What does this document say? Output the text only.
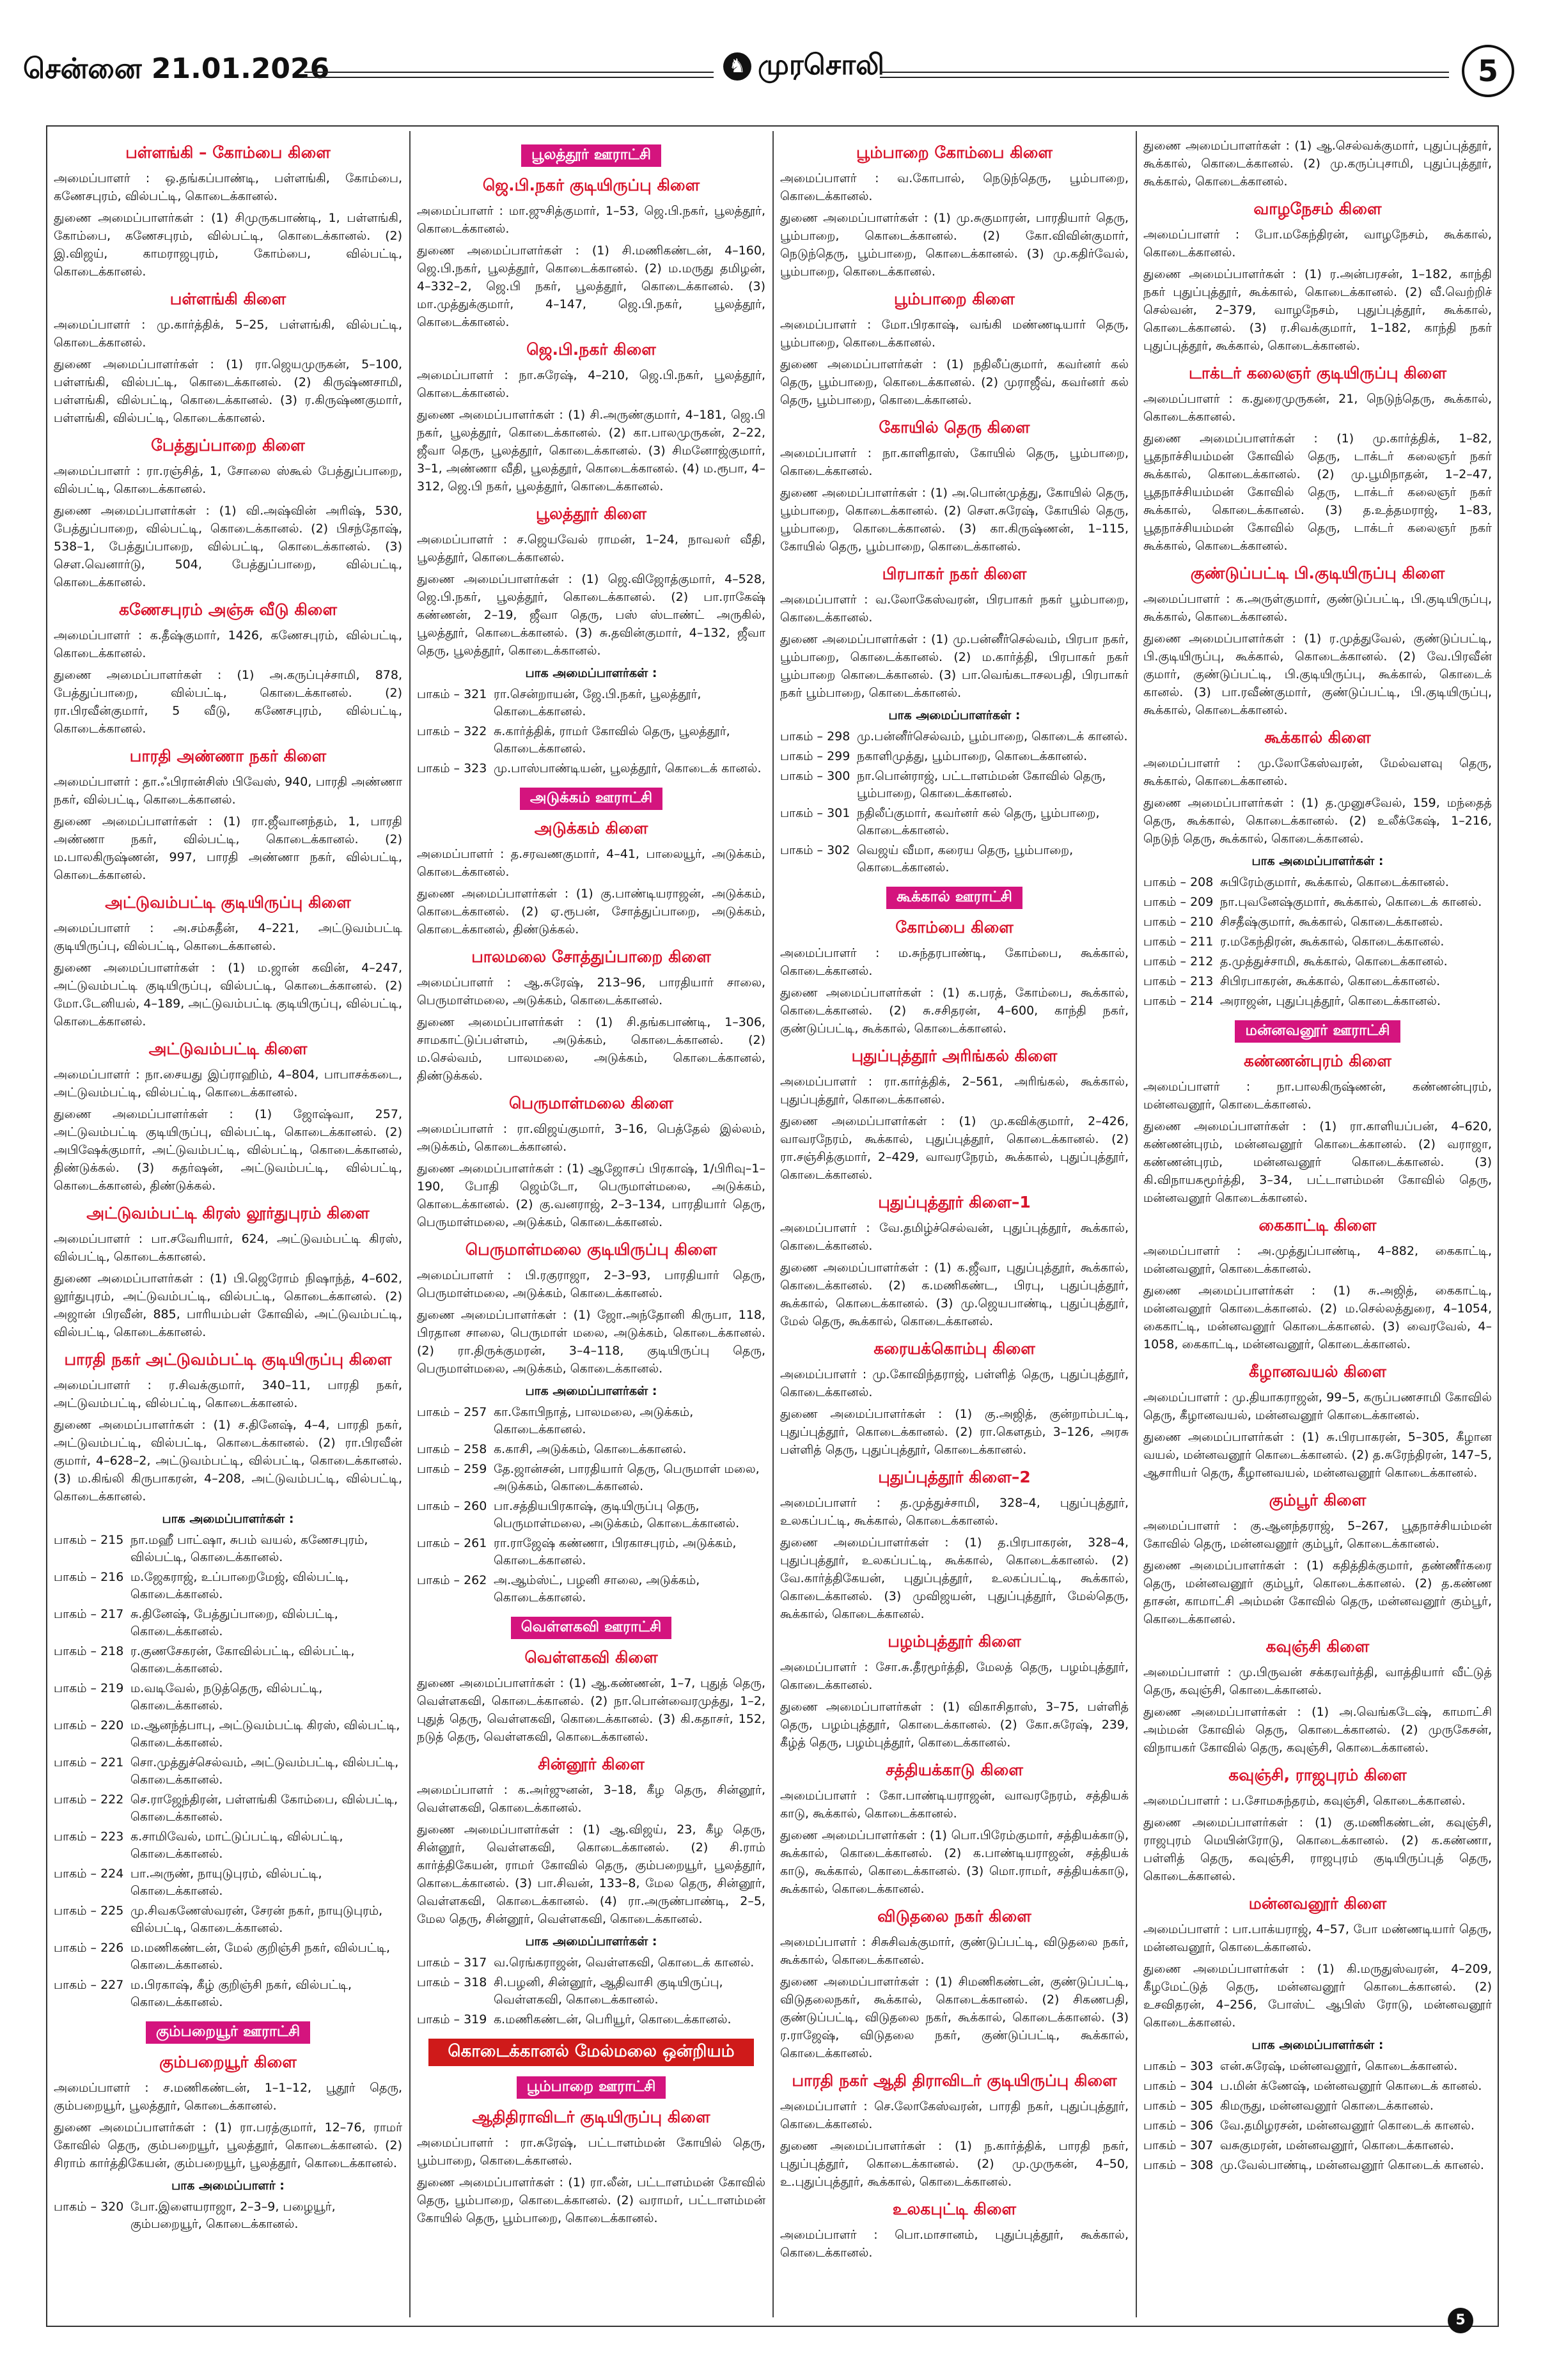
சென்னை 21.01.2026	♞ முரசொலி	5
பள்ளங்கி – கோம்பை கிளை
அமைப்பாளர் : ஒ.தங்கப்பாண்டி, பள்ளங்கி, கோம்பை, கணேசபுரம், வில்பட்டி, கொடைக்கானல்.
துணை அமைப்பாளர்கள் : (1) சிமுருகபாண்டி, 1, பள்ளங்கி, கோம்பை, கணேசபுரம், வில்பட்டி, கொடைக்கானல். (2) இ.விஜய், காமராஜபுரம், கோம்பை, வில்பட்டி, கொடைக்கானல்.
பள்ளங்கி கிளை
அமைப்பாளர் : மு.கார்த்திக், 5–25, பள்ளங்கி, வில்பட்டி, கொடைக்கானல்.
துணை அமைப்பாளர்கள் : (1) ரா.ஜெயமுருகன், 5–100, பள்ளங்கி, வில்பட்டி, கொடைக்கானல். (2) கிருஷ்ணசாமி, பள்ளங்கி, வில்பட்டி, கொடைக்கானல். (3) ர.கிருஷ்ணகுமார், பள்ளங்கி, வில்பட்டி, கொடைக்கானல்.
பேத்துப்பாறை கிளை
அமைப்பாளர் : ரா.ரஞ்சித், 1, சோலை ஸ்கூல் பேத்துப்பாறை, வில்பட்டி, கொடைக்கானல்.
துணை அமைப்பாளர்கள் : (1) வி.அஷ்வின் அரிஷ், 530, பேத்துப்பாறை, வில்பட்டி, கொடைக்கானல். (2) பிசந்தோஷ், 538–1, பேத்துப்பாறை, வில்பட்டி, கொடைக்கானல். (3) செள.வெனார்டு, 504, பேத்துப்பாறை, வில்பட்டி, கொடைக்கானல்.
கணேசபுரம் அஞ்சு வீடு கிளை
அமைப்பாளர் : க.தீஷ்குமார், 1426, கணேசபுரம், வில்பட்டி, கொடைக்கானல்.
துணை அமைப்பாளர்கள் : (1) அ.கருப்புச்சாமி, 878, பேத்துப்பாறை, வில்பட்டி, கொடைக்கானல். (2) ரா.பிரவீன்குமார், 5 வீடு, கணேசபுரம், வில்பட்டி, கொடைக்கானல்.
பாரதி அண்ணா நகர் கிளை
அமைப்பாளர் : தா.ஃபிரான்சிஸ் பிவேஸ், 940, பாரதி அண்ணா நகர், வில்பட்டி, கொடைக்கானல்.
துணை அமைப்பாளர்கள் : (1) ரா.ஜீவானந்தம், 1, பாரதி அண்ணா நகர், வில்பட்டி, கொடைக்கானல். (2) ம.பாலகிருஷ்ணன், 997, பாரதி அண்ணா நகர், வில்பட்டி, கொடைக்கானல்.
அட்டுவம்பட்டி குடியிருப்பு கிளை
அமைப்பாளர் : அ.சம்சுதீன், 4–221, அட்டுவம்பட்டி குடியிருப்பு, வில்பட்டி, கொடைக்கானல்.
துணை அமைப்பாளர்கள் : (1) ம.ஜான் கவின், 4–247, அட்டுவம்பட்டி குடியிருப்பு, வில்பட்டி, கொடைக்கானல். (2) மோ.டேனியல், 4–189, அட்டுவம்பட்டி குடியிருப்பு, வில்பட்டி, கொடைக்கானல்.
அட்டுவம்பட்டி கிளை
அமைப்பாளர் : நா.சையது இப்ராஹிம், 4–804, பாபாசக்கடை, அட்டுவம்பட்டி, வில்பட்டி, கொடைக்கானல்.
துணை அமைப்பாளர்கள் : (1) ஜோஷ்வா, 257, அட்டுவம்பட்டி குடியிருப்பு, வில்பட்டி, கொடைக்கானல். (2) அபிஷேக்குமார், அட்டுவம்பட்டி, வில்பட்டி, கொடைக்கானல், திண்டுக்கல். (3) சுதர்ஷன், அட்டுவம்பட்டி, வில்பட்டி, கொடைக்கானல், திண்டுக்கல்.
அட்டுவம்பட்டி கிரஸ் லூர்துபுரம் கிளை
அமைப்பாளர் : பா.சவேரியார், 624, அட்டுவம்பட்டி கிரஸ், வில்பட்டி, கொடைக்கானல்.
துணை அமைப்பாளர்கள் : (1) பி.ஜெரோம் நிஷாந்த், 4–602, லூர்துபுரம், அட்டுவம்பட்டி, வில்பட்டி, கொடைக்கானல். (2) அஜான் பிரவீன், 885, பாரியம்பள் கோவில், அட்டுவம்பட்டி, வில்பட்டி, கொடைக்கானல்.
பாரதி நகர் அட்டுவம்பட்டி குடியிருப்பு கிளை
அமைப்பாளர் : ர.சிவக்குமார், 340–11, பாரதி நகர், அட்டுவம்பட்டி, வில்பட்டி, கொடைக்கானல்.
துணை அமைப்பாளர்கள் : (1) ச.தினேஷ், 4–4, பாரதி நகர், அட்டுவம்பட்டி, வில்பட்டி, கொடைக்கானல். (2) ரா.பிரவீன் குமார், 4–628–2, அட்டுவம்பட்டி, வில்பட்டி, கொடைக்கானல். (3) ம.கிங்லி கிருபாகரன், 4–208, அட்டுவம்பட்டி, வில்பட்டி, கொடைக்கானல்.
பாக அமைப்பாளர்கள் :
பாகம் – 215 நா.மஹீ பாட்ஷா, சுபம் வயல், கணேசபுரம், வில்பட்டி, கொடைக்கானல்.
பாகம் – 216 ம.ஜேகராஜ், உப்பாறைமேஜ், வில்பட்டி, கொடைக்கானல்.
பாகம் – 217 சு.தினேஷ், பேத்துப்பாறை, வில்பட்டி, கொடைக்கானல்.
பாகம் – 218 ர.குணசேகரன், கோவில்பட்டி, வில்பட்டி, கொடைக்கானல்.
பாகம் – 219 ம.வடிவேல், நடுத்தெரு, வில்பட்டி, கொடைக்கானல்.
பாகம் – 220 ம.ஆனந்த்பாபு, அட்டுவம்பட்டி கிரஸ், வில்பட்டி, கொடைக்கானல்.
பாகம் – 221 சொ.முத்துச்செல்வம், அட்டுவம்பட்டி, வில்பட்டி, கொடைக்கானல்.
பாகம் – 222 செ.ராஜேந்திரன், பள்ளங்கி கோம்பை, வில்பட்டி, கொடைக்கானல்.
பாகம் – 223 க.சாமிவேல், மாட்டுப்பட்டி, வில்பட்டி, கொடைக்கானல்.
பாகம் – 224 பா.அருண், நாயுடுபுரம், வில்பட்டி, கொடைக்கானல்.
பாகம் – 225 மு.சிவகணேஸ்வரன், சேரன் நகர், நாயுடுபுரம், வில்பட்டி, கொடைக்கானல்.
பாகம் – 226 ம.மணிகண்டன், மேல் குறிஞ்சி நகர், வில்பட்டி, கொடைக்கானல்.
பாகம் – 227 ம.பிரகாஷ், கீழ் குறிஞ்சி நகர், வில்பட்டி, கொடைக்கானல்.
கும்பறையூர் ஊராட்சி
கும்பறையூர் கிளை
அமைப்பாளர் : ச.மணிகண்டன், 1–1–12, பூதூர் தெரு, கும்பறையூர், பூலத்தூர், கொடைக்கானல்.
துணை அமைப்பாளர்கள் : (1) ரா.பரத்குமார், 12–76, ராமர் கோவில் தெரு, கும்பறையூர், பூலத்தூர், கொடைக்கானல். (2) சிராம் கார்த்திகேயன், கும்பறையூர், பூலத்தூர், கொடைக்கானல்.
பாக அமைப்பாளர் :
பாகம் – 320 போ.இளையராஜா, 2–3–9, பழையூர், கும்பறையூர், கொடைக்கானல்.
பூலத்தூர் ஊராட்சி
ஜெ.பி.நகர் குடியிருப்பு கிளை
அமைப்பாளர் : மா.ஜுசித்குமார், 1–53, ஜெ.பி.நகர், பூலத்தூர், கொடைக்கானல்.
துணை அமைப்பாளர்கள் : (1) சி.மணிகண்டன், 4–160, ஜெ.பி.நகர், பூலத்தூர், கொடைக்கானல். (2) ம.மருது தமிழன், 4–332–2, ஜெ.பி நகர், பூலத்தூர், கொடைக்கானல். (3) மா.முத்துக்குமார், 4–147, ஜெ.பி.நகர், பூலத்தூர், கொடைக்கானல்.
ஜெ.பி.நகர் கிளை
அமைப்பாளர் : நா.சுரேஷ், 4–210, ஜெ.பி.நகர், பூலத்தூர், கொடைக்கானல்.
துணை அமைப்பாளர்கள் : (1) சி.அருண்குமார், 4–181, ஜெ.பி நகர், பூலத்தூர், கொடைக்கானல். (2) கா.பாலமுருகன், 2–22, ஜீவா தெரு, பூலத்தூர், கொடைக்கானல். (3) சிமனோஜ்குமார், 3–1, அண்ணா வீதி, பூலத்தூர், கொடைக்கானல். (4) ம.ரூபா, 4–312, ஜெ.பி நகர், பூலத்தூர், கொடைக்கானல்.
பூலத்தூர் கிளை
அமைப்பாளர் : ச.ஜெயவேல் ராமன், 1–24, நாவலர் வீதி, பூலத்தூர், கொடைக்கானல்.
துணை அமைப்பாளர்கள் : (1) ஜெ.விஜோத்குமார், 4–528, ஜெ.பி.நகர், பூலத்தூர், கொடைக்கானல். (2) பா.ராகேஷ் கண்ணன், 2–19, ஜீவா தெரு, பஸ் ஸ்டாண்ட் அருகில், பூலத்தூர், கொடைக்கானல். (3) சு.தவின்குமார், 4–132, ஜீவா தெரு, பூலத்தூர், கொடைக்கானல்.
பாக அமைப்பாளர்கள் :
பாகம் – 321 ரா.சென்றாயன், ஜே.பி.நகர், பூலத்தூர், கொடைக்கானல்.
பாகம் – 322 சு.கார்த்திக், ராமர் கோவில் தெரு, பூலத்தூர், கொடைக்கானல்.
பாகம் – 323 மு.பாஸ்பாண்டியன், பூலத்தூர், கொடைக் கானல்.
அடுக்கம் ஊராட்சி
அடுக்கம் கிளை
அமைப்பாளர் : த.சரவணகுமார், 4–41, பாலையூர், அடுக்கம், கொடைக்கானல்.
துணை அமைப்பாளர்கள் : (1) கு.பாண்டியராஜன், அடுக்கம், கொடைக்கானல். (2) ஏ.ரூபன், சோத்துப்பாறை, அடுக்கம், கொடைக்கானல், திண்டுக்கல்.
பாலமலை சோத்துப்பாறை கிளை
அமைப்பாளர் : ஆ.சுரேஷ், 213–96, பாரதியார் சாலை, பெருமாள்மலை, அடுக்கம், கொடைக்கானல்.
துணை அமைப்பாளர்கள் : (1) சி.தங்கபாண்டி, 1–306, சாமகாட்டுப்பள்ளம், அடுக்கம், கொடைக்கானல். (2) ம.செல்வம், பாலமலை, அடுக்கம், கொடைக்கானல், திண்டுக்கல்.
பெருமாள்மலை கிளை
அமைப்பாளர் : ரா.விஜய்குமார், 3–16, பெத்தேல் இல்லம், அடுக்கம், கொடைக்கானல்.
துணை அமைப்பாளர்கள் : (1) ஆஜோசப் பிரகாஷ், 1/பிரிவு–1–190, போதி ஜெம்டோ, பெருமாள்மலை, அடுக்கம், கொடைக்கானல். (2) கு.வனராஜ், 2–3–134, பாரதியார் தெரு, பெருமாள்மலை, அடுக்கம், கொடைக்கானல்.
பெருமாள்மலை குடியிருப்பு கிளை
அமைப்பாளர் : பி.ரகுராஜா, 2–3–93, பாரதியார் தெரு, பெருமாள்மலை, அடுக்கம், கொடைக்கானல்.
துணை அமைப்பாளர்கள் : (1) ஜோ.அந்தோனி கிருபா, 118, பிரதான சாலை, பெருமாள் மலை, அடுக்கம், கொடைக்கானல். (2) ரா.திருக்குமரன், 3–4–118, குடியிருப்பு தெரு, பெருமாள்மலை, அடுக்கம், கொடைக்கானல்.
பாக அமைப்பாளர்கள் :
பாகம் – 257 கா.கோபிநாத், பாலமலை, அடுக்கம், கொடைக்கானல்.
பாகம் – 258 க.காசி, அடுக்கம், கொடைக்கானல்.
பாகம் – 259 தே.ஜான்சன், பாரதியார் தெரு, பெருமாள் மலை, அடுக்கம், கொடைக்கானல்.
பாகம் – 260 பா.சத்தியபிரகாஷ், குடியிருப்பு தெரு, பெருமாள்மலை, அடுக்கம், கொடைக்கானல்.
பாகம் – 261 ரா.ராஜேஷ் கண்ணா, பிரகாசபுரம், அடுக்கம், கொடைக்கானல்.
பாகம் – 262 அ.ஆம்ஸ்ட், பழனி சாலை, அடுக்கம், கொடைக்கானல்.
வெள்ளகவி ஊராட்சி
வெள்ளகவி கிளை
துணை அமைப்பாளர்கள் : (1) ஆ.கண்ணன், 1–7, புதுத் தெரு, வெள்ளகவி, கொடைக்கானல். (2) நா.பொன்வைரமுத்து, 1–2, புதுத் தெரு, வெள்ளகவி, கொடைக்கானல். (3) கி.கதாசர், 152, நடுத் தெரு, வெள்ளகவி, கொடைக்கானல்.
சின்னூர் கிளை
அமைப்பாளர் : க.அர்ஜுனன், 3–18, கீழ தெரு, சின்னூர், வெள்ளகவி, கொடைக்கானல்.
துணை அமைப்பாளர்கள் : (1) ஆ.விஜய், 23, கீழ தெரு, சின்னூர், வெள்ளகவி, கொடைக்கானல். (2) சி.ராம் கார்த்திகேயன், ராமர் கோவில் தெரு, கும்பறையூர், பூலத்தூர், கொடைக்கானல். (3) பா.சிவன், 133–8, மேல தெரு, சின்னூர், வெள்ளகவி, கொடைக்கானல். (4) ரா.அருண்பாண்டி, 2–5, மேல தெரு, சின்னூர், வெள்ளகவி, கொடைக்கானல்.
பாக அமைப்பாளர்கள் :
பாகம் – 317 வ.ரெங்கராஜன், வெள்ளகவி, கொடைக் கானல்.
பாகம் – 318 சி.பழனி, சின்னூர், ஆதிவாசி குடியிருப்பு, வெள்ளகவி, கொடைக்கானல்.
பாகம் – 319 க.மணிகண்டன், பெரியூர், கொடைக்கானல்.
கொடைக்கானல் மேல்மலை ஒன்றியம்
பூம்பாறை ஊராட்சி
ஆதிதிராவிடர் குடியிருப்பு கிளை
அமைப்பாளர் : ரா.சுரேஷ், பட்டாளம்மன் கோயில் தெரு, பூம்பாறை, கொடைக்கானல்.
துணை அமைப்பாளர்கள் : (1) ரா.லீன், பட்டாளம்மன் கோவில் தெரு, பூம்பாறை, கொடைக்கானல். (2) வராமர், பட்டாளம்மன் கோயில் தெரு, பூம்பாறை, கொடைக்கானல்.
பூம்பாறை கோம்பை கிளை
அமைப்பாளர் : வ.கோபால், நெடுந்தெரு, பூம்பாறை, கொடைக்கானல்.
துணை அமைப்பாளர்கள் : (1) மு.சுகுமாரன், பாரதியார் தெரு, பூம்பாறை, கொடைக்கானல். (2) கோ.விவின்குமார், நெடுந்தெரு, பூம்பாறை, கொடைக்கானல். (3) மு.கதிர்வேல், பூம்பாறை, கொடைக்கானல்.
பூம்பாறை கிளை
அமைப்பாளர் : மோ.பிரகாஷ், வங்கி மண்ணடியார் தெரு, பூம்பாறை, கொடைக்கானல்.
துணை அமைப்பாளர்கள் : (1) நதிலீப்குமார், கவர்னர் கல் தெரு, பூம்பாறை, கொடைக்கானல். (2) முராஜீவ், கவர்னர் கல் தெரு, பூம்பாறை, கொடைக்கானல்.
கோயில் தெரு கிளை
அமைப்பாளர் : நா.காளிதாஸ், கோயில் தெரு, பூம்பாறை, கொடைக்கானல்.
துணை அமைப்பாளர்கள் : (1) அ.பொன்முத்து, கோயில் தெரு, பூம்பாறை, கொடைக்கானல். (2) செள.சுரேஷ், கோயில் தெரு, பூம்பாறை, கொடைக்கானல். (3) கா.கிருஷ்ணன், 1–115, கோயில் தெரு, பூம்பாறை, கொடைக்கானல்.
பிரபாகர் நகர் கிளை
அமைப்பாளர் : வ.லோகேஸ்வரன், பிரபாகர் நகர் பூம்பாறை, கொடைக்கானல்.
துணை அமைப்பாளர்கள் : (1) மு.பன்னீர்செல்வம், பிரபா நகர், பூம்பாறை, கொடைக்கானல். (2) ம.கார்த்தி, பிரபாகர் நகர் பூம்பாறை கொடைக்கானல். (3) பா.வெங்கடாசலபதி, பிரபாகர் நகர் பூம்பாறை, கொடைக்கானல்.
பாக அமைப்பாளர்கள் :
பாகம் – 298 மு.பன்னீர்செல்வம், பூம்பாறை, கொடைக் கானல்.
பாகம் – 299 நகாளிமுத்து, பூம்பாறை, கொடைக்கானல்.
பாகம் – 300 நா.பொன்ராஜ், பட்டாளம்மன் கோவில் தெரு, பூம்பாறை, கொடைக்கானல்.
பாகம் – 301 நதிலீப்குமார், கவர்னர் கல் தெரு, பூம்பாறை, கொடைக்கானல்.
பாகம் – 302 வெஜய் வீமா, கரைய தெரு, பூம்பாறை, கொடைக்கானல்.
கூக்கால் ஊராட்சி
கோம்பை கிளை
அமைப்பாளர் : ம.சுந்தரபாண்டி, கோம்பை, கூக்கால், கொடைக்கானல்.
துணை அமைப்பாளர்கள் : (1) க.பரத், கோம்பை, கூக்கால், கொடைக்கானல். (2) சு.சசிதரன், 4–600, காந்தி நகர், குண்டுப்பட்டி, கூக்கால், கொடைக்கானல்.
புதுப்புத்தூர் அரிங்கல் கிளை
அமைப்பாளர் : ரா.கார்த்திக், 2–561, அரிங்கல், கூக்கால், புதுப்புத்தூர், கொடைக்கானல்.
துணை அமைப்பாளர்கள் : (1) மு.கவிக்குமார், 2–426, வாவரநேரம், கூக்கால், புதுப்புத்தூர், கொடைக்கானல். (2) ரா.சஞ்சித்குமார், 2–429, வாவரநேரம், கூக்கால், புதுப்புத்தூர், கொடைக்கானல்.
புதுப்புத்தூர் கிளை–1
அமைப்பாளர் : வே.தமிழ்ச்செல்வன், புதுப்புத்தூர், கூக்கால், கொடைக்கானல்.
துணை அமைப்பாளர்கள் : (1) க.ஜீவா, புதுப்புத்தூர், கூக்கால், கொடைக்கானல். (2) க.மணிகண்ட, பிரபு, புதுப்புத்தூர், கூக்கால், கொடைக்கானல். (3) மு.ஜெயபாண்டி, புதுப்புத்தூர், மேல் தெரு, கூக்கால், கொடைக்கானல்.
கரையக்கொம்பு கிளை
அமைப்பாளர் : மு.கோவிந்தராஜ், பள்ளித் தெரு, புதுப்புத்தூர், கொடைக்கானல்.
துணை அமைப்பாளர்கள் : (1) கு.அஜித், குன்றாம்பட்டி, புதுப்புத்தூர், கொடைக்கானல். (2) ரா.கௌதம், 3–126, அரசு பள்ளித் தெரு, புதுப்புத்தூர், கொடைக்கானல்.
புதுப்புத்தூர் கிளை–2
அமைப்பாளர் : த.முத்துச்சாமி, 328–4, புதுப்புத்தூர், உலகப்பட்டி, கூக்கால், கொடைக்கானல்.
துணை அமைப்பாளர்கள் : (1) த.பிரபாகரன், 328–4, புதுப்புத்தூர், உலகப்பட்டி, கூக்கால், கொடைக்கானல். (2) வே.கார்த்திகேயன், புதுப்புத்தூர், உலகப்பட்டி, கூக்கால், கொடைக்கானல். (3) முவிஜயன், புதுப்புத்தூர், மேல்தெரு, கூக்கால், கொடைக்கானல்.
பழம்புத்தூர் கிளை
அமைப்பாளர் : சோ.சு.தீரமூர்த்தி, மேலத் தெரு, பழம்புத்தூர், கொடைக்கானல்.
துணை அமைப்பாளர்கள் : (1) விகாசிதாஸ், 3–75, பள்ளித் தெரு, பழம்புத்தூர், கொடைக்கானல். (2) கோ.சுரேஷ், 239, கீழ்த் தெரு, பழம்புத்தூர், கொடைக்கானல்.
சத்தியக்காடு கிளை
அமைப்பாளர் : கோ.பாண்டியராஜன், வாவரநேரம், சத்தியக் காடு, கூக்கால், கொடைக்கானல்.
துணை அமைப்பாளர்கள் : (1) பொ.பிரேம்குமார், சத்தியக்காடு, கூக்கால், கொடைக்கானல். (2) க.பாண்டியராஜன், சத்தியக் காடு, கூக்கால், கொடைக்கானல். (3) மொ.ராமர், சத்தியக்காடு, கூக்கால், கொடைக்கானல்.
விடுதலை நகர் கிளை
அமைப்பாளர் : சிசுசிவக்குமார், குண்டுப்பட்டி, விடுதலை நகர், கூக்கால், கொடைக்கானல்.
துணை அமைப்பாளர்கள் : (1) சிமணிகண்டன், குண்டுப்பட்டி, விடுதலைநகர், கூக்கால், கொடைக்கானல். (2) சிகணபதி, குண்டுப்பட்டி, விடுதலை நகர், கூக்கால், கொடைக்கானல். (3) ர.ராஜேஷ், விடுதலை நகர், குண்டுப்பட்டி, கூக்கால், கொடைக்கானல்.
பாரதி நகர் ஆதி திராவிடர் குடியிருப்பு கிளை
அமைப்பாளர் : செ.லோகேஸ்வரன், பாரதி நகர், புதுப்புத்தூர், கொடைக்கானல்.
துணை அமைப்பாளர்கள் : (1) ந.கார்த்திக், பாரதி நகர், புதுப்புத்தூர், கொடைக்கானல். (2) மு.முருகன், 4–50, உ.புதுப்புத்தூர், கூக்கால், கொடைக்கானல்.
உலகபுட்டி கிளை
அமைப்பாளர் : பொ.மாசானம், புதுப்புத்தூர், கூக்கால், கொடைக்கானல்.
துணை அமைப்பாளர்கள் : (1) ஆ.செல்வக்குமார், புதுப்புத்தூர், கூக்கால், கொடைக்கானல். (2) மு.கருப்புசாமி, புதுப்புத்தூர், கூக்கால், கொடைக்கானல்.
வாழநேசம் கிளை
அமைப்பாளர் : போ.மகேந்திரன், வாழநேசம், கூக்கால், கொடைக்கானல்.
துணை அமைப்பாளர்கள் : (1) ர.அன்பரசன், 1–182, காந்தி நகர் புதுப்புத்தூர், கூக்கால், கொடைக்கானல். (2) வீ.வெற்றிச் செல்வன், 2–379, வாழநேசம், புதுப்புத்தூர், கூக்கால், கொடைக்கானல். (3) ர.சிவக்குமார், 1–182, காந்தி நகர் புதுப்புத்தூர், கூக்கால், கொடைக்கானல்.
டாக்டர் கலைஞர் குடியிருப்பு கிளை
அமைப்பாளர் : க.துரைமுருகன், 21, நெடுந்தெரு, கூக்கால், கொடைக்கானல்.
துணை அமைப்பாளர்கள் : (1) மு.கார்த்திக், 1–82, பூதநாச்சியம்மன் கோவில் தெரு, டாக்டர் கலைஞர் நகர் கூக்கால், கொடைக்கானல். (2) மு.பூமிநாதன், 1–2–47, பூதநாச்சியம்மன் கோவில் தெரு, டாக்டர் கலைஞர் நகர் கூக்கால், கொடைக்கானல். (3) த.உத்தமராஜ், 1–83, பூதநாச்சியம்மன் கோவில் தெரு, டாக்டர் கலைஞர் நகர் கூக்கால், கொடைக்கானல்.
குண்டுப்பட்டி பி.குடியிருப்பு கிளை
அமைப்பாளர் : க.அருள்குமார், குண்டுப்பட்டி, பி.குடியிருப்பு, கூக்கால், கொடைக்கானல்.
துணை அமைப்பாளர்கள் : (1) ர.முத்துவேல், குண்டுப்பட்டி, பி.குடியிருப்பு, கூக்கால், கொடைக்கானல். (2) வே.பிரவீன் குமார், குண்டுப்பட்டி, பி.குடியிருப்பு, கூக்கால், கொடைக் கானல். (3) பா.ரவீண்குமார், குண்டுப்பட்டி, பி.குடியிருப்பு, கூக்கால், கொடைக்கானல்.
கூக்கால் கிளை
அமைப்பாளர் : மு.லோகேஸ்வரன், மேல்வளவு தெரு, கூக்கால், கொடைக்கானல்.
துணை அமைப்பாளர்கள் : (1) த.முனுசவேல், 159, மந்தைத் தெரு, கூக்கால், கொடைக்கானல். (2) உலீக்கேஷ், 1–216, நெடுந் தெரு, கூக்கால், கொடைக்கானல்.
பாக அமைப்பாளர்கள் :
பாகம் – 208 சுபிரேம்குமார், கூக்கால், கொடைக்கானல்.
பாகம் – 209 நா.புவனேஷ்குமார், கூக்கால், கொடைக் கானல்.
பாகம் – 210 சிசதீஷ்குமார், கூக்கால், கொடைக்கானல்.
பாகம் – 211 ர.மகேந்திரன், கூக்கால், கொடைக்கானல்.
பாகம் – 212 த.முத்துச்சாமி, கூக்கால், கொடைக்கானல்.
பாகம் – 213 சிபிரபாகரன், கூக்கால், கொடைக்கானல்.
பாகம் – 214 அராஜன், புதுப்புத்தூர், கொடைக்கானல்.
மன்னவனூர் ஊராட்சி
கண்ணன்புரம் கிளை
அமைப்பாளர் : நா.பாலகிருஷ்ணன், கண்ணன்புரம், மன்னவனூர், கொடைக்கானல்.
துணை அமைப்பாளர்கள் : (1) ரா.காளியப்பன், 4–620, கண்ணன்புரம், மன்னவனூர் கொடைக்கானல். (2) வராஜா, கண்ணன்புரம், மன்னவனூர் கொடைக்கானல். (3) கி.விநாயகமூர்த்தி, 3–34, பட்டாளம்மன் கோவில் தெரு, மன்னவனூர் கொடைக்கானல்.
கைகாட்டி கிளை
அமைப்பாளர் : அ.முத்துப்பாண்டி, 4–882, கைகாட்டி, மன்னவனூர், கொடைக்கானல்.
துணை அமைப்பாளர்கள் : (1) சு.அஜித், கைகாட்டி, மன்னவனூர் கொடைக்கானல். (2) ம.செல்லத்துரை, 4–1054, கைகாட்டி, மன்னவனூர் கொடைக்கானல். (3) வைரவேல், 4–1058, கைகாட்டி, மன்னவனூர், கொடைக்கானல்.
கீழானவயல் கிளை
அமைப்பாளர் : மு.தியாகராஜன், 99–5, கருப்பணசாமி கோவில் தெரு, கீழானவயல், மன்னவனூர் கொடைக்கானல்.
துணை அமைப்பாளர்கள் : (1) சு.பிரபாகரன், 5–305, கீழான வயல், மன்னவனூர் கொடைக்கானல். (2) த.சுரேந்திரன், 147–5, ஆசாரியர் தெரு, கீழானவயல், மன்னவனூர் கொடைக்கானல்.
கும்பூர் கிளை
அமைப்பாளர் : கு.ஆனந்தராஜ், 5–267, பூதநாச்சியம்மன் கோவில் தெரு, மன்னவனூர் கும்பூர், கொடைக்கானல்.
துணை அமைப்பாளர்கள் : (1) கதித்திக்குமார், தண்ணீர்கரை தெரு, மன்னவனூர் கும்பூர், கொடைக்கானல். (2) த.கண்ண தாசன், காமாட்சி அம்மன் கோவில் தெரு, மன்னவனூர் கும்பூர், கொடைக்கானல்.
கவுஞ்சி கிளை
அமைப்பாளர் : மு.பிருவன் சக்கரவர்த்தி, வாத்தியார் வீட்டுத் தெரு, கவுஞ்சி, கொடைக்கானல்.
துணை அமைப்பாளர்கள் : (1) அ.வெங்கடேஷ், காமாட்சி அம்மன் கோவில் தெரு, கொடைக்கானல். (2) முருகேசன், விநாயகர் கோவில் தெரு, கவுஞ்சி, கொடைக்கானல்.
கவுஞ்சி, ராஜபுரம் கிளை
அமைப்பாளர் : ப.சோமசுந்தரம், கவுஞ்சி, கொடைக்கானல்.
துணை அமைப்பாளர்கள் : (1) கு.மணிகண்டன், கவுஞ்சி, ராஜபுரம் மெயின்ரோடு, கொடைக்கானல். (2) க.கண்ணா, பள்ளித் தெரு, கவுஞ்சி, ராஜபுரம் குடியிருப்புத் தெரு, கொடைக்கானல்.
மன்னவனூர் கிளை
அமைப்பாளர் : பா.பாக்யராஜ், 4–57, போ மண்ணடியார் தெரு, மன்னவனூர், கொடைக்கானல்.
துணை அமைப்பாளர்கள் : (1) கி.மருதுஸ்வரன், 4–209, கீழமேட்டுத் தெரு, மன்னவனூர் கொடைக்கானல். (2) உசவிதரன், 4–256, போஸ்ட் ஆபிஸ் ரோடு, மன்னவனூர் கொடைக்கானல்.
பாக அமைப்பாளர்கள் :
பாகம் – 303 என்.சுரேஷ், மன்னவனூர், கொடைக்கானல்.
பாகம் – 304 ப.மின் க்ணேஷ், மன்னவனூர் கொடைக் கானல்.
பாகம் – 305 கிமருது, மன்னவனூர் கொடைக்கானல்.
பாகம் – 306 வே.தமிழரசன், மன்னவனூர் கொடைக் கானல்.
பாகம் – 307 வசுகுமரன், மன்னவனூர், கொடைக்கானல்.
பாகம் – 308 மு.வேல்பாண்டி, மன்னவனூர் கொடைக் கானல்.
5
